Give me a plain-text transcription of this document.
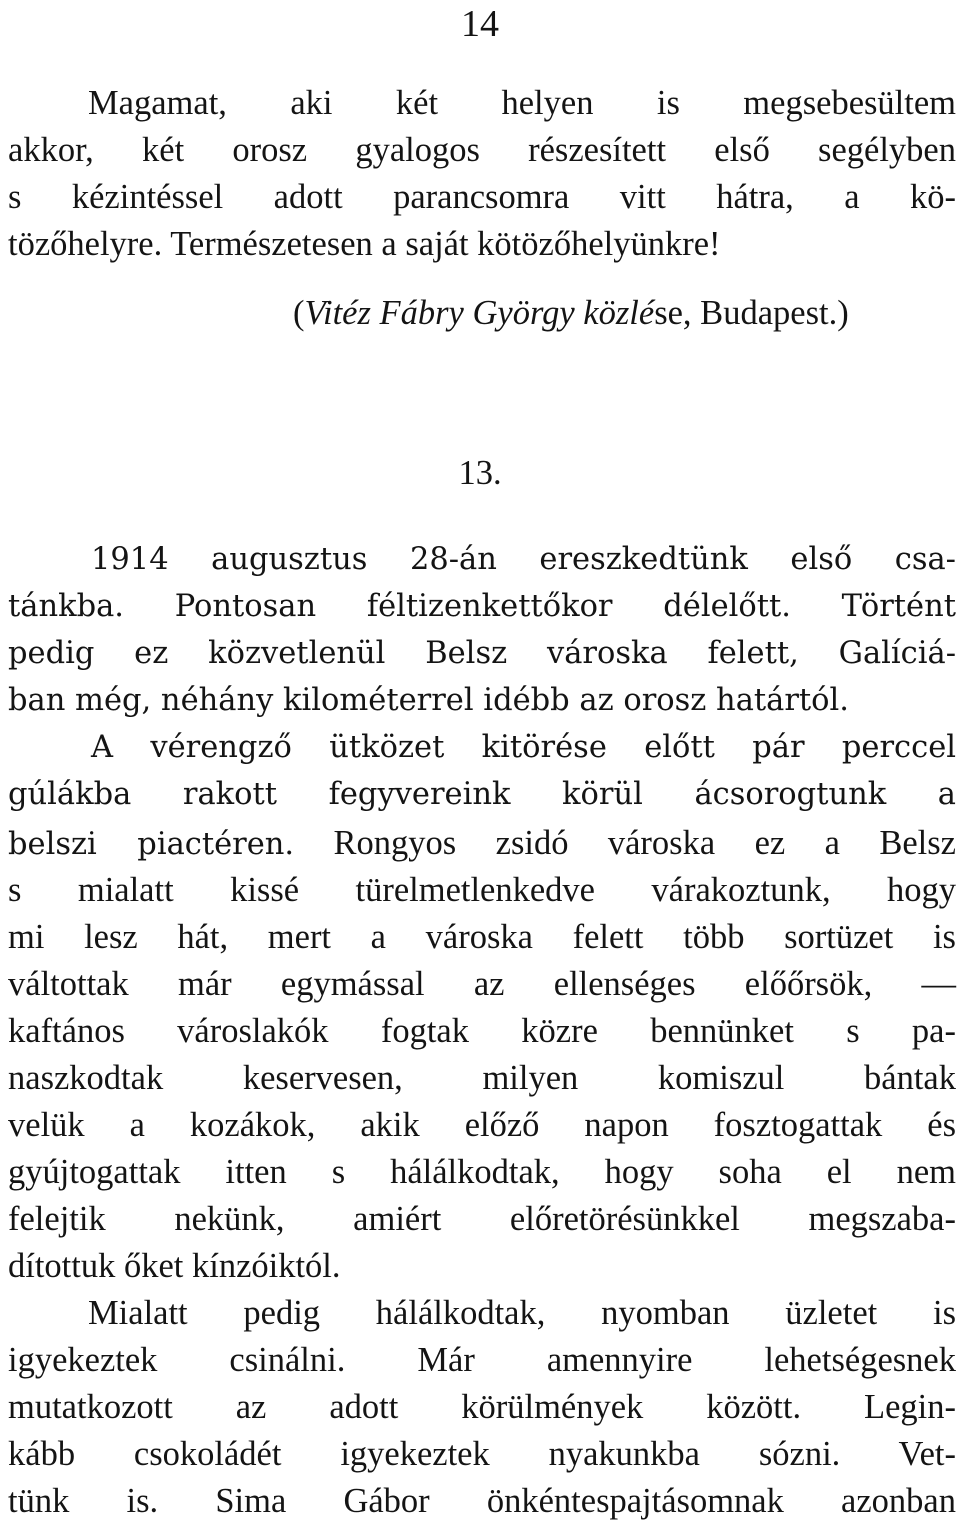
14
Magamat, aki két helyen is megsebesültem
akkor, két orosz gyalogos részesített első segélyben
s kézintéssel adott parancsomra vitt hátra, a kö-
tözőhelyre. Természetesen a saját kötözőhelyünkre!
(Vitéz Fábry György közlése, Budapest.)
13.
1914 augusztus 28-án ereszkedtünk első csa-
tánkba. Pontosan féltizenkettőkor délelőtt. Történt
pedig ez közvetlenül Belsz városka felett, Galíciá-
ban még, néhány kilométerrel idébb az orosz határtól.
A vérengző ütközet kitörése előtt pár perccel
gúlákba rakott fegyvereink körül ácsorogtunk a
belszi piactéren. Rongyos zsidó városka ez a Belsz
s mialatt kissé türelmetlenkedve várakoztunk, hogy
mi lesz hát, mert a városka felett több sortüzet is
váltottak már egymással az ellenséges előőrsök, —
kaftános városlakók fogtak közre bennünket s pa-
naszkodtak keservesen, milyen komiszul bántak
velük a kozákok, akik előző napon fosztogattak és
gyújtogattak itten s hálálkodtak, hogy soha el nem
felejtik nekünk, amiért előretörésünkkel megszaba-
dítottuk őket kínzóiktól.
Mialatt pedig hálálkodtak, nyomban üzletet is
igyekeztek csinálni. Már amennyire lehetségesnek
mutatkozott az adott körülmények között. Legin-
kább csokoládét igyekeztek nyakunkba sózni. Vet-
tünk is. Sima Gábor önkéntespajtásomnak azonban
